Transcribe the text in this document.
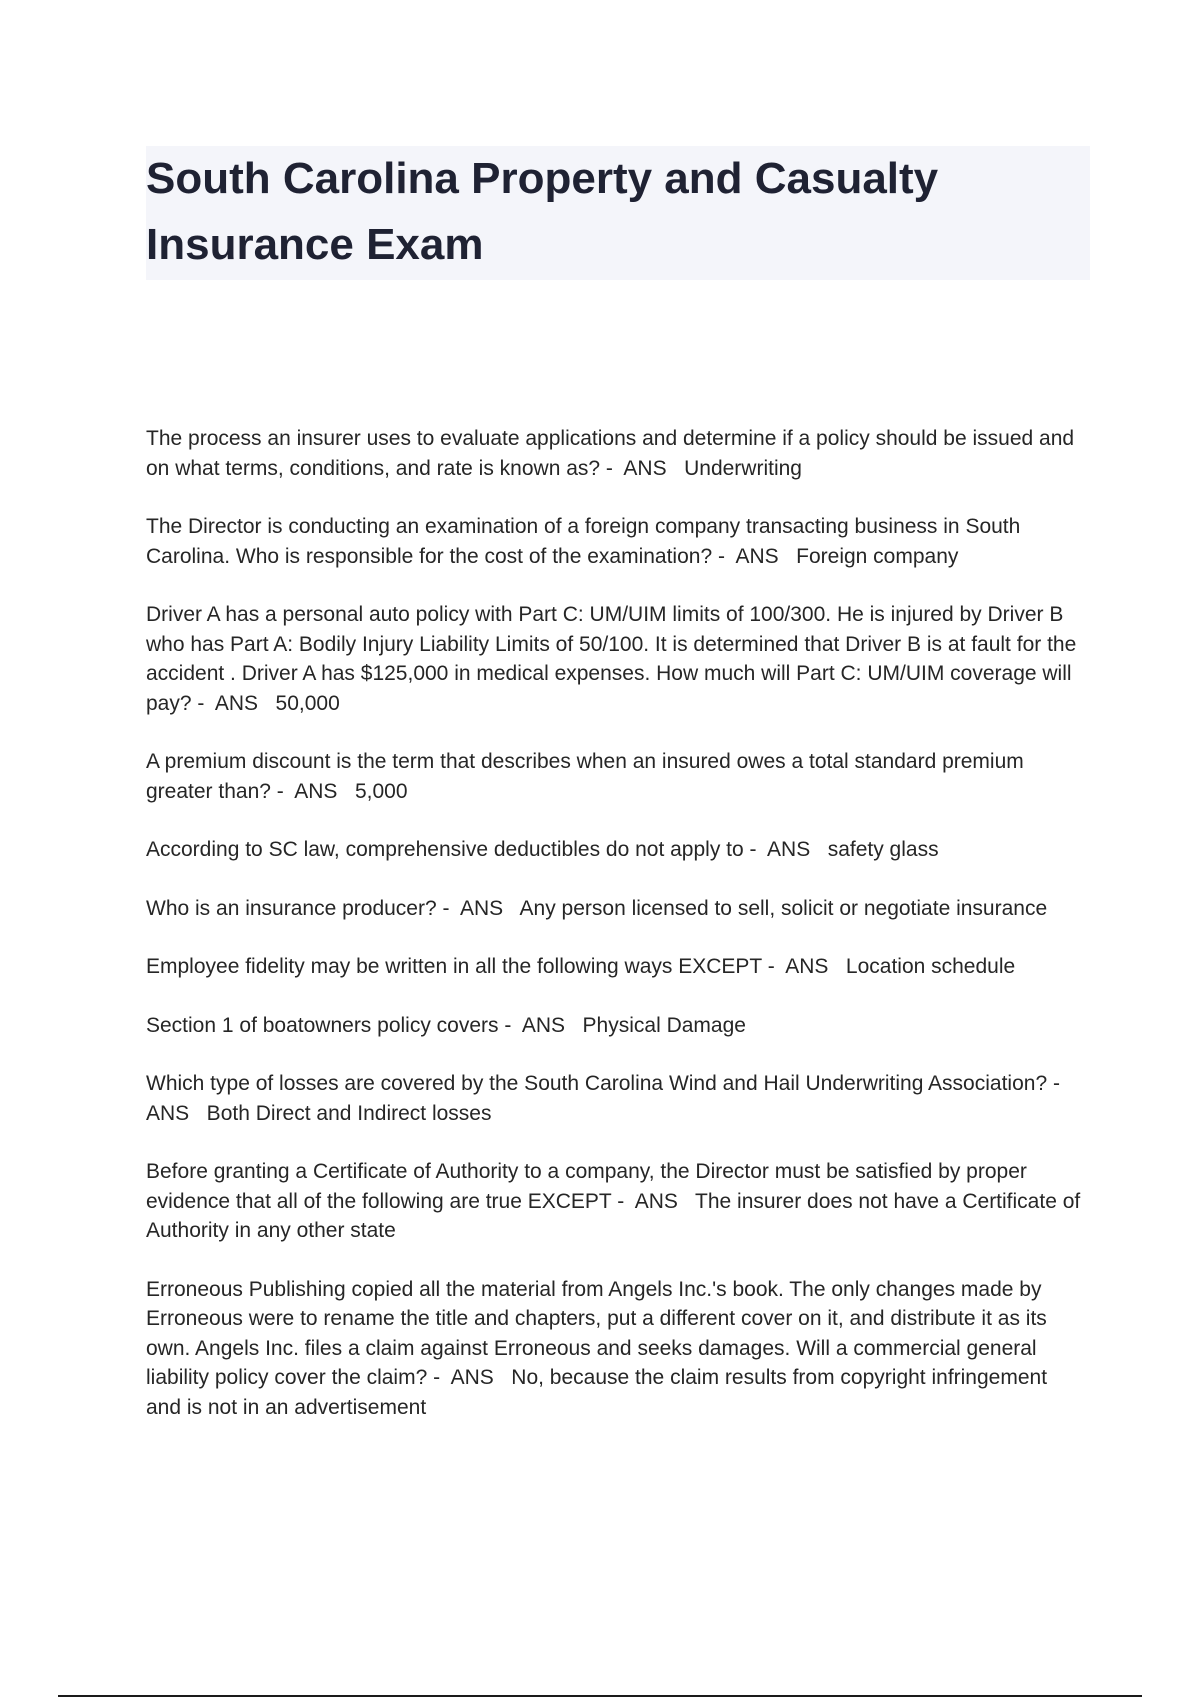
South Carolina Property and Casualty Insurance Exam

The process an insurer uses to evaluate applications and determine if a policy should be issued and on what terms, conditions, and rate is known as? -  ANS   Underwriting

The Director is conducting an examination of a foreign company transacting business in South Carolina. Who is responsible for the cost of the examination? -  ANS   Foreign company

Driver A has a personal auto policy with Part C: UM/UIM limits of 100/300. He is injured by Driver B who has Part A: Bodily Injury Liability Limits of 50/100. It is determined that Driver B is at fault for the accident . Driver A has $125,000 in medical expenses. How much will Part C: UM/UIM coverage will pay? -  ANS   50,000

A premium discount is the term that describes when an insured owes a total standard premium greater than? -  ANS   5,000

According to SC law, comprehensive deductibles do not apply to -  ANS   safety glass

Who is an insurance producer? -  ANS   Any person licensed to sell, solicit or negotiate insurance

Employee fidelity may be written in all the following ways EXCEPT -  ANS   Location schedule

Section 1 of boatowners policy covers -  ANS   Physical Damage

Which type of losses are covered by the South Carolina Wind and Hail Underwriting Association? -  ANS   Both Direct and Indirect losses

Before granting a Certificate of Authority to a company, the Director must be satisfied by proper evidence that all of the following are true EXCEPT -  ANS   The insurer does not have a Certificate of Authority in any other state

Erroneous Publishing copied all the material from Angels Inc.'s book. The only changes made by Erroneous were to rename the title and chapters, put a different cover on it, and distribute it as its own. Angels Inc. files a claim against Erroneous and seeks damages. Will a commercial general liability policy cover the claim? -  ANS   No, because the claim results from copyright infringement and is not in an advertisement
